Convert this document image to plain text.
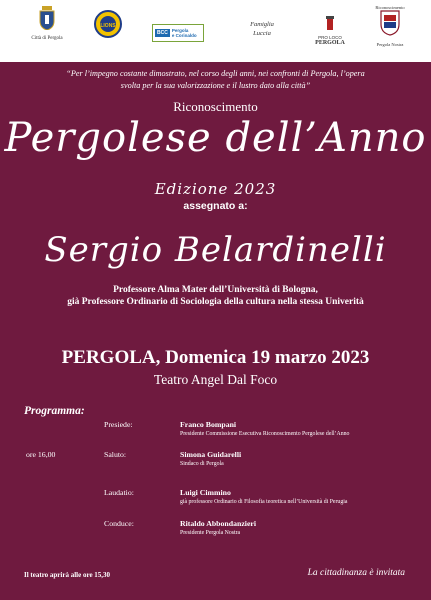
Città di Pergola
LIONS
BCC Pergola
e Corinaldo
Famiglia
Luccia
PRO LOCO
PERGOLA
Riconoscimento
Pergola Nostra
“Per l’impegno costante dimostrato, nel corso degli anni, nei confronti di Pergola, l’opera
svolta per la sua valorizzazione e il lustro dato alla città”
Riconoscimento
Pergolese dell’Anno
Edizione 2023
assegnato a:
Sergio Belardinelli
Professore Alma Mater dell’Università di Bologna,
già Professore Ordinario di Sociologia della cultura nella stessa Univerità
PERGOLA, Domenica 19 marzo 2023
Teatro Angel Dal Foco
Programma:
Presiede:	Franco Bompani
Presidente Commissione Esecutiva Riconoscimento Pergolese dell’Anno
ore 16,00	Saluto:	Simona Guidarelli
Sindaco di Pergola
Laudatio:	Luigi Cimmino
già professore Ordinario di Filosofia teoretica nell’Università di Perugia
Conduce:	Ritaldo Abbondanzieri
Presidente Pergola Nostra
Il teatro aprirà alle ore 15,30	La cittadinanza è invitata
